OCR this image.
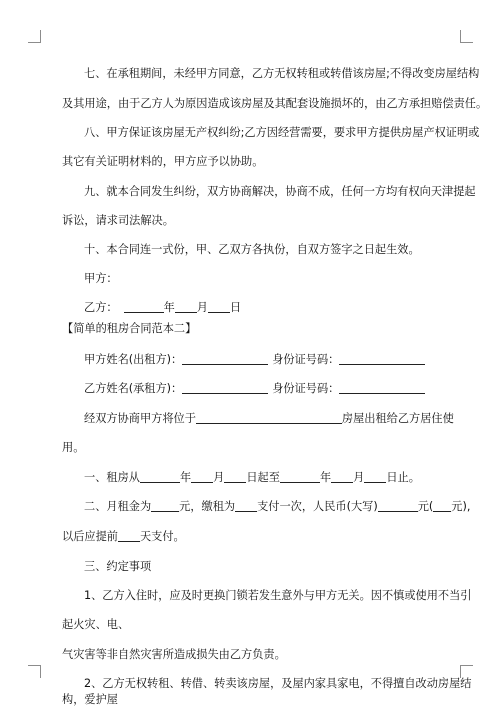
七、在承租期间，未经甲方同意，乙方无权转租或转借该房屋;不得改变房屋结构
及其用途，由于乙方人为原因造成该房屋及其配套设施损坏的，由乙方承担赔偿责任。
八、甲方保证该房屋无产权纠纷;乙方因经营需要，要求甲方提供房屋产权证明或
其它有关证明材料的，甲方应予以协助。
九、就本合同发生纠纷，双方协商解决，协商不成，任何一方均有权向天津提起
诉讼，请求司法解决。
十、本合同连一式份，甲、乙双方各执份，自双方签字之日起生效。
甲方：
乙方：	年 月 日
【简单的租房合同范本二】
甲方姓名(出租方)：	身份证号码：
乙方姓名(承租方)：	身份证号码：
经双方协商甲方将位于	房屋出租给乙方居住使
用。
一、租房从	年 月 日起至	年 月 日止。
二、月租金为	元，缴租为 支付一次，人民币(大写)	元( 元),
以后应提前 天支付。
三、约定事项
1、乙方入住时，应及时更换门锁若发生意外与甲方无关。因不慎或使用不当引
起火灾、电、
气灾害等非自然灾害所造成损失由乙方负责。
2、乙方无权转租、转借、转卖该房屋，及屋内家具家电，不得擅自改动房屋结
构，爱护屋
